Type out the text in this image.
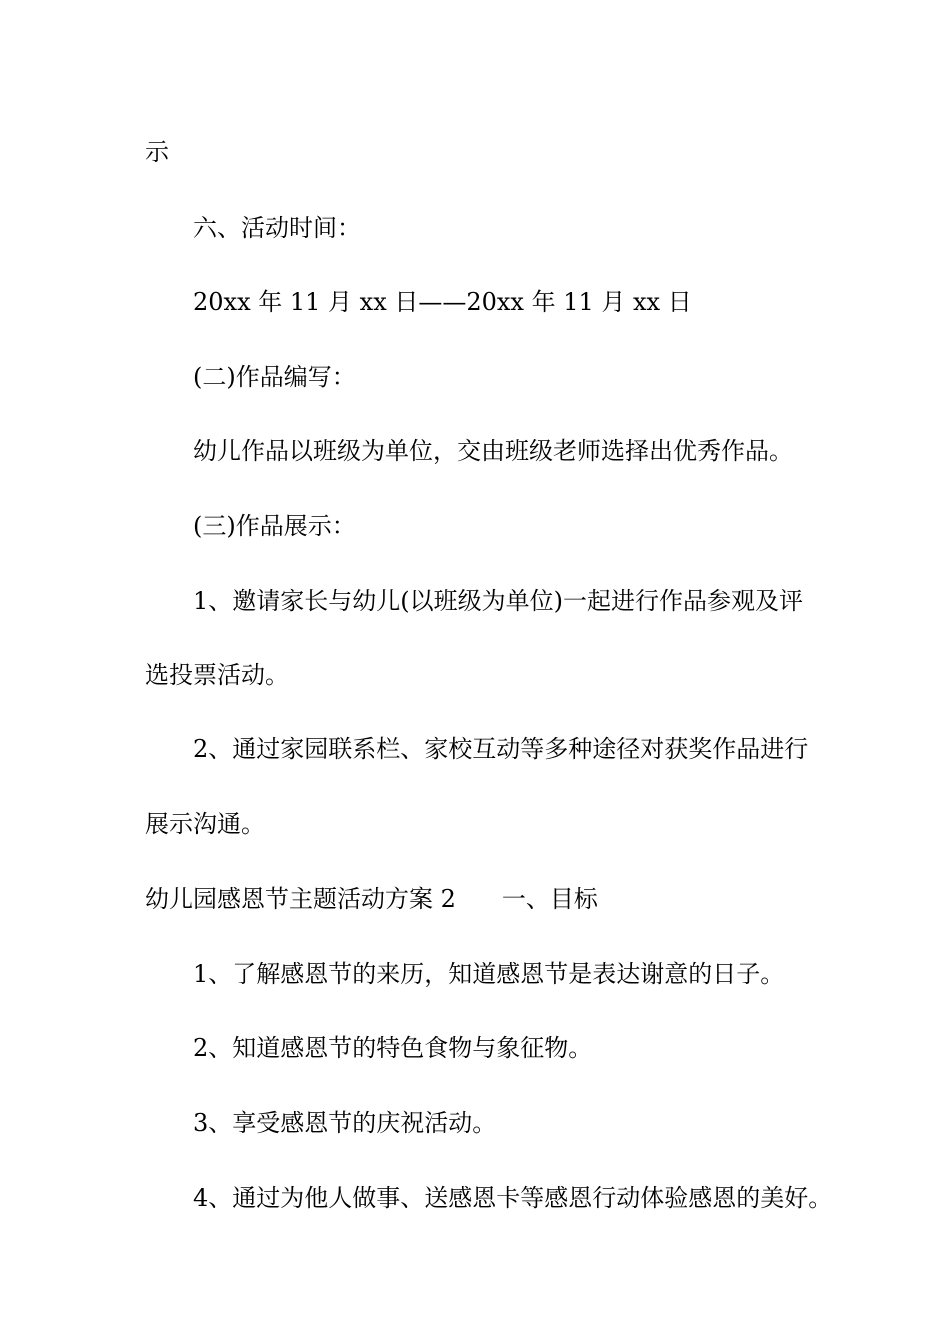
示

六、活动时间：

20xx 年 11 月 xx 日——20xx 年 11 月 xx 日

(二)作品编写：

幼儿作品以班级为单位，交由班级老师选择出优秀作品。

(三)作品展示：

1、邀请家长与幼儿(以班级为单位)一起进行作品参观及评

选投票活动。

2、通过家园联系栏、家校互动等多种途径对获奖作品进行

展示沟通。

幼儿园感恩节主题活动方案 2 一、目标

1、了解感恩节的来历，知道感恩节是表达谢意的日子。

2、知道感恩节的特色食物与象征物。

3、享受感恩节的庆祝活动。

4、通过为他人做事、送感恩卡等感恩行动体验感恩的美好。
